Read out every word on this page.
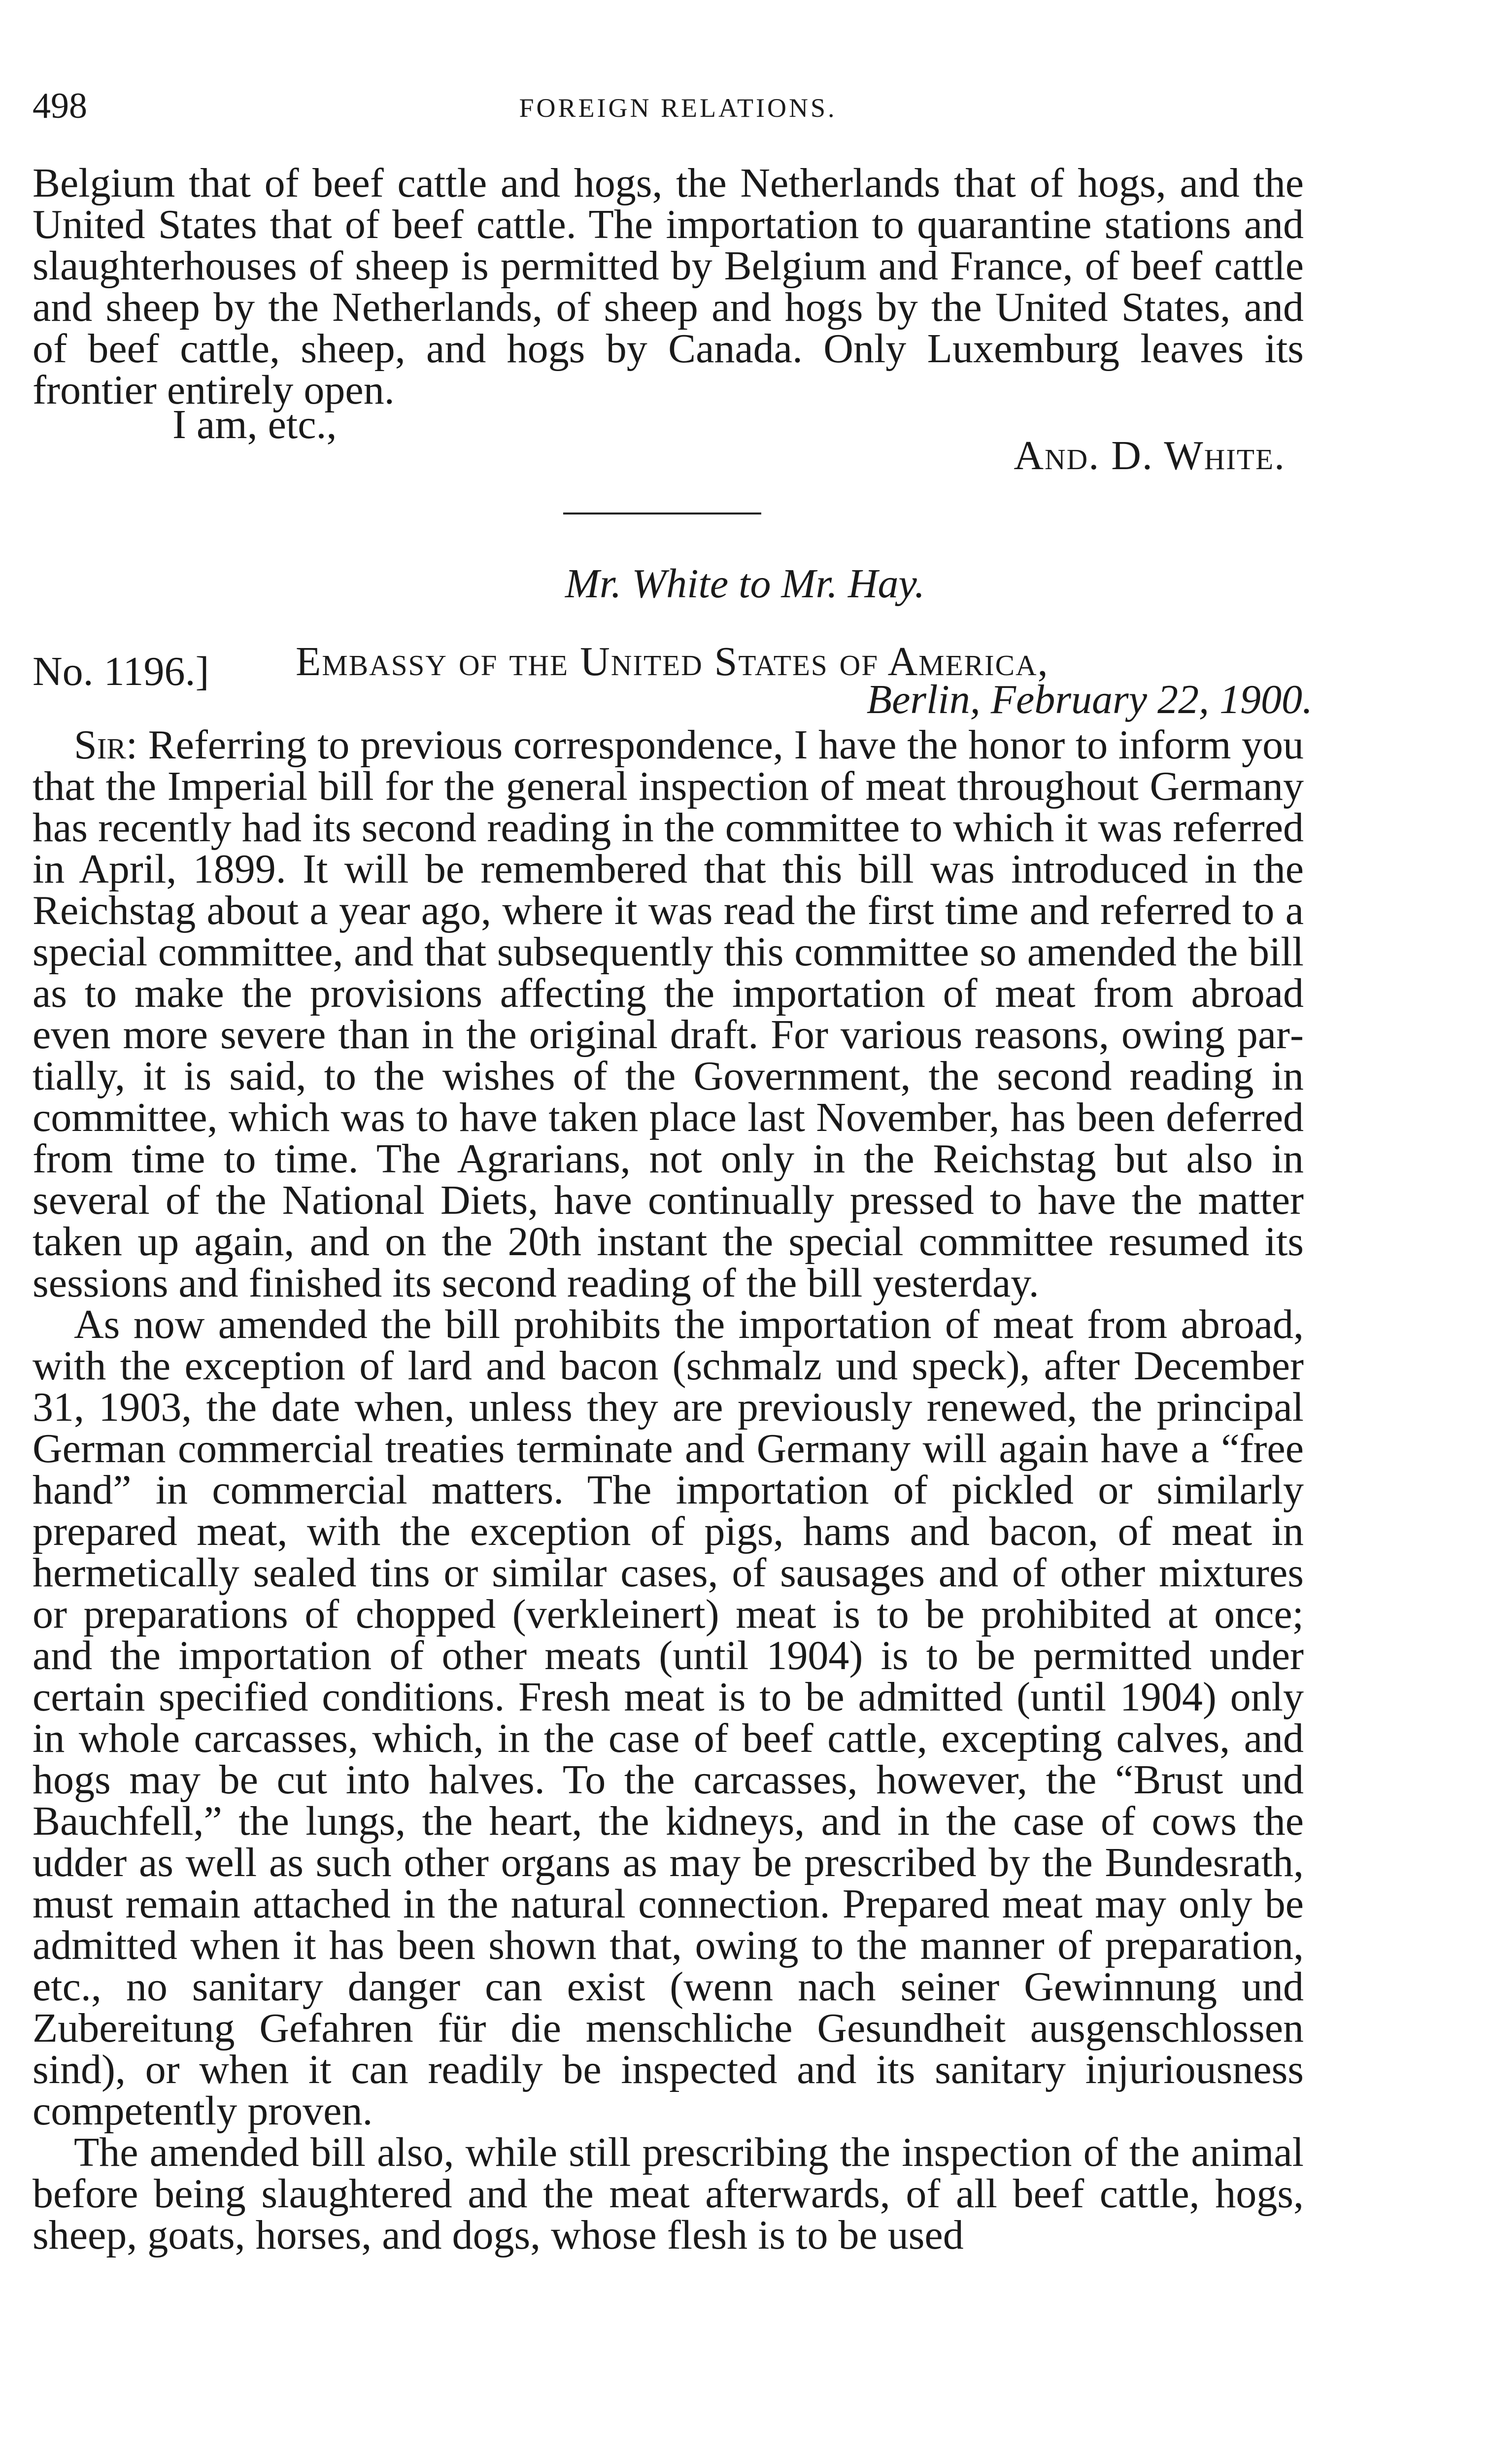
498	FOREIGN RELATIONS.

Belgium that of beef cattle and hogs, the Netherlands that of hogs, and the United States that of beef cattle. The importation to quarantine stations and slaughterhouses of sheep is permitted by Belgium and France, of beef cattle and sheep by the Netherlands, of sheep and hogs by the United States, and of beef cattle, sheep, and hogs by Canada. Only Luxemburg leaves its frontier entirely open.

I am, etc.,
And. D. White.
Mr. White to Mr. Hay.
No. 1196.] Embassy of the United States of America,
Berlin, February 22, 1900.

Sir: Referring to previous correspondence, I have the honor to inform you that the Imperial bill for the general inspection of meat throughout Germany has recently had its second reading in the committee to which it was referred in April, 1899. It will be remembered that this bill was introduced in the Reichstag about a year ago, where it was read the first time and referred to a special committee, and that subsequently this committee so amended the bill as to make the provisions affecting the importation of meat from abroad even more severe than in the original draft. For various reasons, owing partially, it is said, to the wishes of the Government, the second reading in committee, which was to have taken place last November, has been deferred from time to time. The Agrarians, not only in the Reichstag but also in several of the National Diets, have continually pressed to have the matter taken up again, and on the 20th instant the special committee resumed its sessions and finished its second reading of the bill yesterday.

As now amended the bill prohibits the importation of meat from abroad, with the exception of lard and bacon (schmalz und speck), after December 31, 1903, the date when, unless they are previously renewed, the principal German commercial treaties terminate and Germany will again have a “free hand” in commercial matters. The importation of pickled or similarly prepared meat, with the exception of pigs, hams and bacon, of meat in hermetically sealed tins or similar cases, of sausages and of other mixtures or preparations of chopped (verkleinert) meat is to be prohibited at once; and the importation of other meats (until 1904) is to be permitted under certain specified conditions. Fresh meat is to be admitted (until 1904) only in whole carcasses, which, in the case of beef cattle, excepting calves, and hogs may be cut into halves. To the carcasses, however, the “Brust und Bauchfell,” the lungs, the heart, the kidneys, and in the case of cows the udder as well as such other organs as may be prescribed by the Bundesrath, must remain attached in the natural connection. Prepared meat may only be admitted when it has been shown that, owing to the manner of preparation, etc., no sanitary danger can exist (wenn nach seiner Gewinnung und Zubereitung Gefahren für die menschliche Gesundheit ausgenschlossen sind), or when it can readily be inspected and its sanitary injuriousness competently proven.

The amended bill also, while still prescribing the inspection of the animal before being slaughtered and the meat afterwards, of all beef cattle, hogs, sheep, goats, horses, and dogs, whose flesh is to be used
